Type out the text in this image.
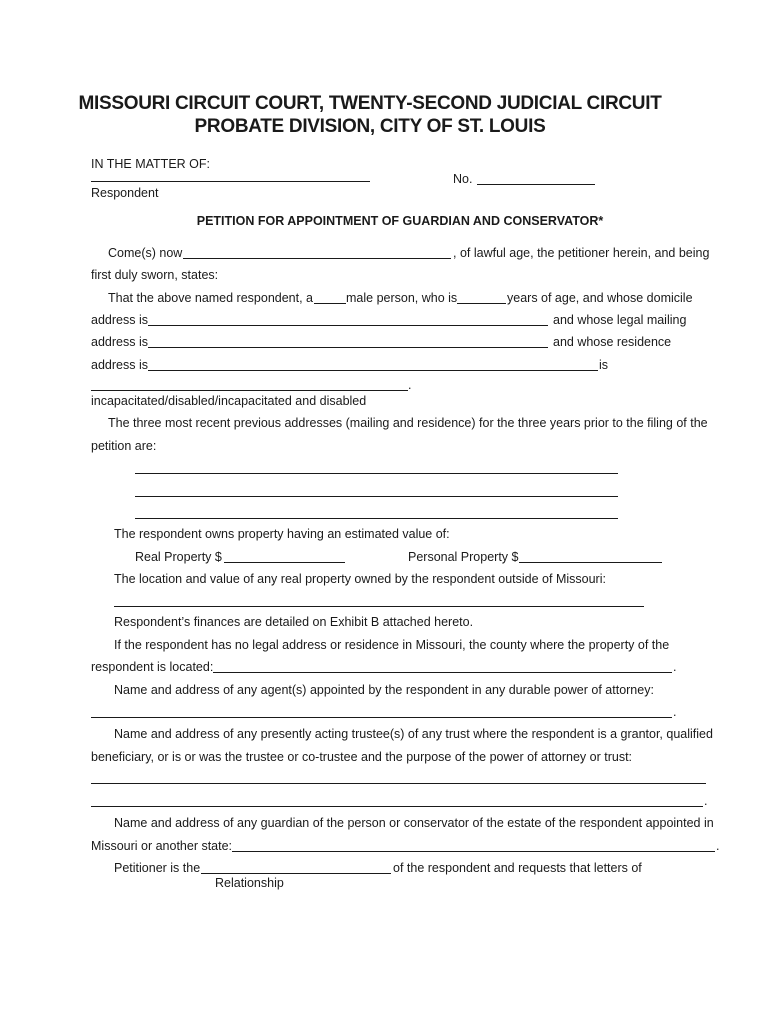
MISSOURI CIRCUIT COURT, TWENTY-SECOND JUDICIAL CIRCUIT
PROBATE DIVISION, CITY OF ST. LOUIS
IN THE MATTER OF:
Respondent
No.
PETITION FOR APPOINTMENT OF GUARDIAN AND CONSERVATOR*
Come(s) now	, of lawful age, the petitioner herein, and being
first duly sworn, states:
That the above named respondent, a	male person, who is	years of age, and whose domicile
address is	and whose legal mailing
address is	and whose residence
address is	is
.
incapacitated/disabled/incapacitated and disabled
The three most recent previous addresses (mailing and residence) for the three years prior to the filing of the
petition are:
The respondent owns property having an estimated value of:
Real Property $	Personal Property $
The location and value of any real property owned by the respondent outside of Missouri:
Respondent’s finances are detailed on Exhibit B attached hereto.
If the respondent has no legal address or residence in Missouri, the county where the property of the
respondent is located:	.
Name and address of any agent(s) appointed by the respondent in any durable power of attorney:
.
Name and address of any presently acting trustee(s) of any trust where the respondent is a grantor, qualified
beneficiary, or is or was the trustee or co-trustee and the purpose of the power of attorney or trust:
.
Name and address of any guardian of the person or conservator of the estate of the respondent appointed in
Missouri or another state:	.
Petitioner is the	of the respondent and requests that letters of
Relationship
